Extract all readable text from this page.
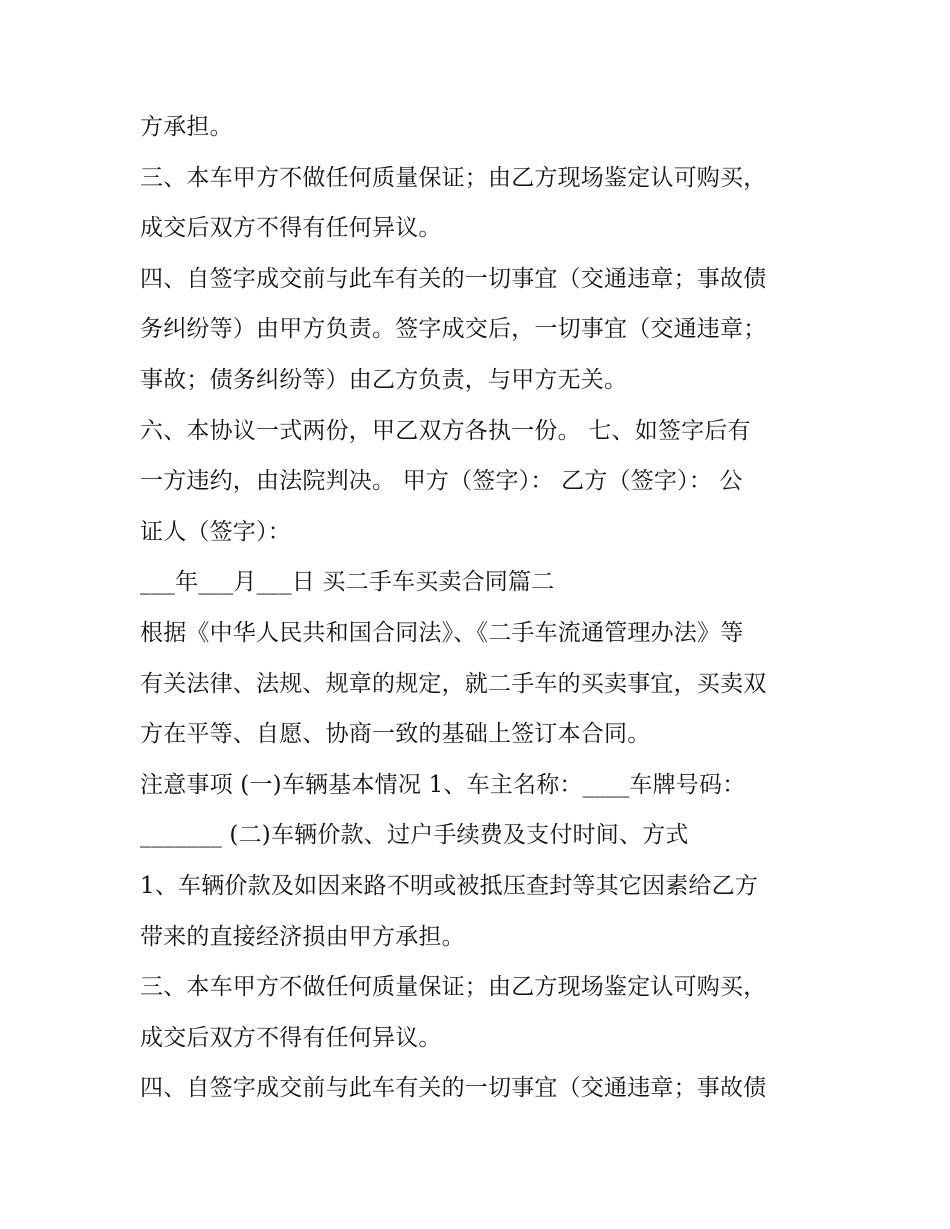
方承担。
三、本车甲方不做任何质量保证；由乙方现场鉴定认可购买，
成交后双方不得有任何异议。
四、自签字成交前与此车有关的一切事宜（交通违章；事故债
务纠纷等）由甲方负责。签字成交后，一切事宜（交通违章；
事故；债务纠纷等）由乙方负责，与甲方无关。
六、本协议一式两份，甲乙双方各执一份。 七、如签字后有
一方违约，由法院判决。 甲方（签字）： 乙方（签字）： 公
证人（签字）：
___年___月___日 买二手车买卖合同篇二
根据《中华人民共和国合同法》、《二手车流通管理办法》等
有关法律、法规、规章的规定，就二手车的买卖事宜，买卖双
方在平等、自愿、协商一致的基础上签订本合同。
注意事项 (一)车辆基本情况 1、车主名称：____车牌号码：
_______ (二)车辆价款、过户手续费及支付时间、方式
1、车辆价款及如因来路不明或被抵压查封等其它因素给乙方
带来的直接经济损由甲方承担。
三、本车甲方不做任何质量保证；由乙方现场鉴定认可购买，
成交后双方不得有任何异议。
四、自签字成交前与此车有关的一切事宜（交通违章；事故债
